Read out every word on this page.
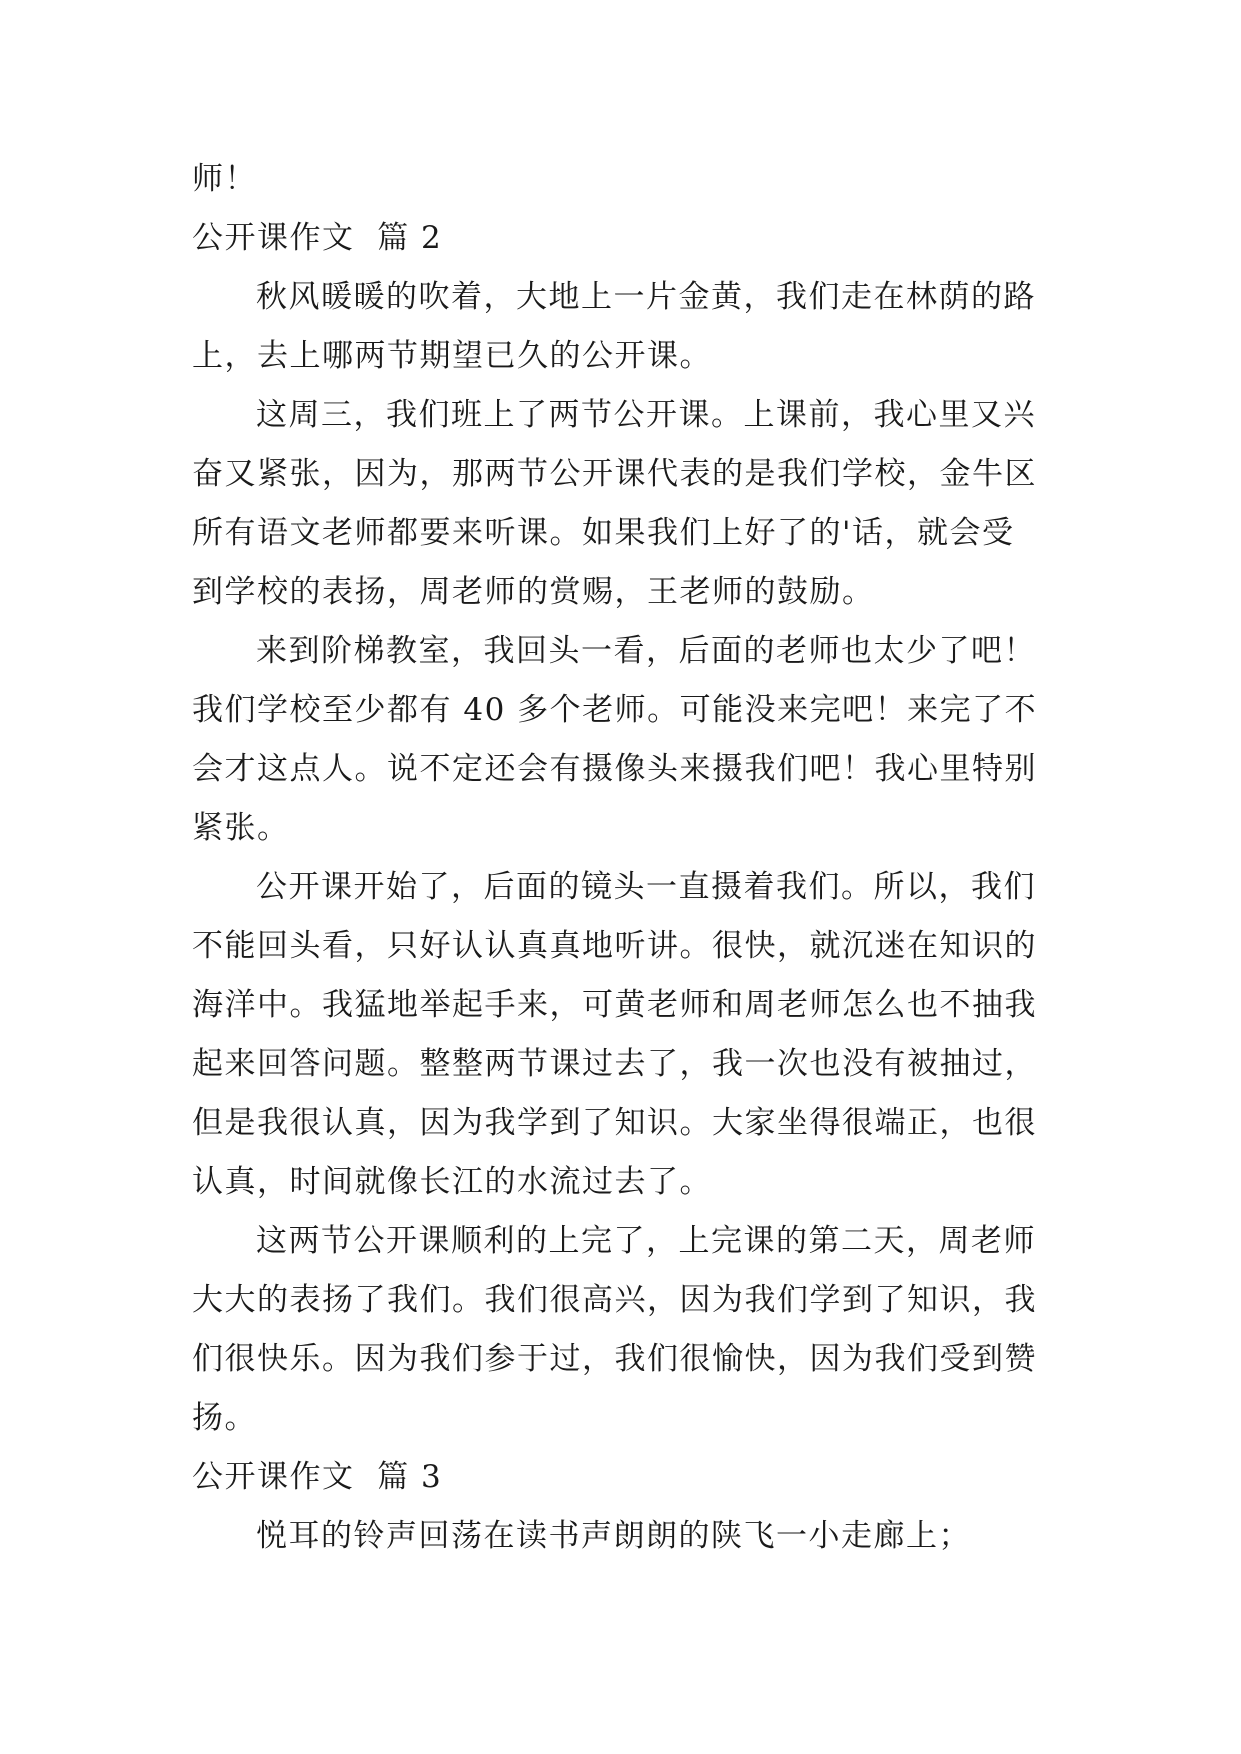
师！

公开课作文  篇 2

秋风暖暖的吹着，大地上一片金黄，我们走在林荫的路
上，去上哪两节期望已久的公开课。

这周三，我们班上了两节公开课。上课前，我心里又兴
奋又紧张，因为，那两节公开课代表的是我们学校，金牛区
所有语文老师都要来听课。如果我们上好了的'话，就会受
到学校的表扬，周老师的赏赐，王老师的鼓励。

来到阶梯教室，我回头一看，后面的老师也太少了吧！
我们学校至少都有 40 多个老师。可能没来完吧！来完了不
会才这点人。说不定还会有摄像头来摄我们吧！我心里特别
紧张。

公开课开始了，后面的镜头一直摄着我们。所以，我们
不能回头看，只好认认真真地听讲。很快，就沉迷在知识的
海洋中。我猛地举起手来，可黄老师和周老师怎么也不抽我
起来回答问题。整整两节课过去了，我一次也没有被抽过，
但是我很认真，因为我学到了知识。大家坐得很端正，也很
认真，时间就像长江的水流过去了。

这两节公开课顺利的上完了，上完课的第二天，周老师
大大的表扬了我们。我们很高兴，因为我们学到了知识，我
们很快乐。因为我们参于过，我们很愉快，因为我们受到赞
扬。

公开课作文  篇 3

悦耳的铃声回荡在读书声朗朗的陕飞一小走廊上；
